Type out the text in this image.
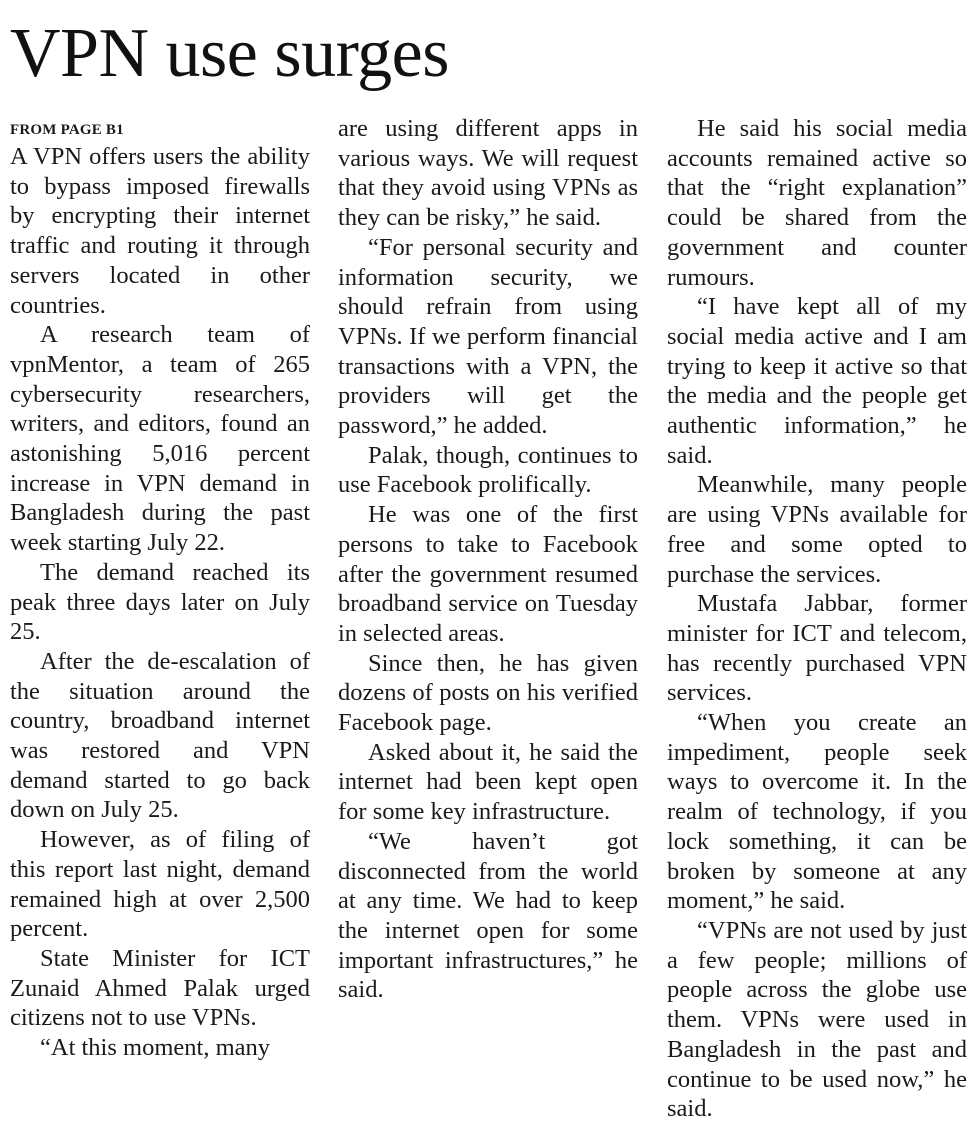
VPN use surges
FROM PAGE B1

A VPN offers users the ability to bypass imposed firewalls by encrypting their internet traffic and routing it through servers located in other countries.

A research team of vpnMentor, a team of 265 cybersecurity researchers, writers, and editors, found an astonishing 5,016 percent increase in VPN demand in Bangladesh during the past week starting July 22.

The demand reached its peak three days later on July 25.

After the de-escalation of the situation around the country, broadband internet was restored and VPN demand started to go back down on July 25.

However, as of filing of this report last night, demand remained high at over 2,500 percent.

State Minister for ICT Zunaid Ahmed Palak urged citizens not to use VPNs.

“At this moment, many

are using different apps in various ways. We will request that they avoid using VPNs as they can be risky,” he said.

“For personal security and information security, we should refrain from using VPNs. If we perform financial transactions with a VPN, the providers will get the password,” he added.

Palak, though, continues to use Facebook prolifically.

He was one of the first persons to take to Facebook after the government resumed broadband service on Tuesday in selected areas.

Since then, he has given dozens of posts on his verified Facebook page.

Asked about it, he said the internet had been kept open for some key infrastructure.

“We haven’t got disconnected from the world at any time. We had to keep the internet open for some important infrastructures,” he said.

He said his social media accounts remained active so that the “right explanation” could be shared from the government and counter rumours.

“I have kept all of my social media active and I am trying to keep it active so that the media and the people get authentic information,” he said.

Meanwhile, many people are using VPNs available for free and some opted to purchase the services.

Mustafa Jabbar, former minister for ICT and telecom, has recently purchased VPN services.

“When you create an impediment, people seek ways to overcome it. In the realm of technology, if you lock something, it can be broken by someone at any moment,” he said.

“VPNs are not used by just a few people; millions of people across the globe use them. VPNs were used in Bangladesh in the past and continue to be used now,” he said.
